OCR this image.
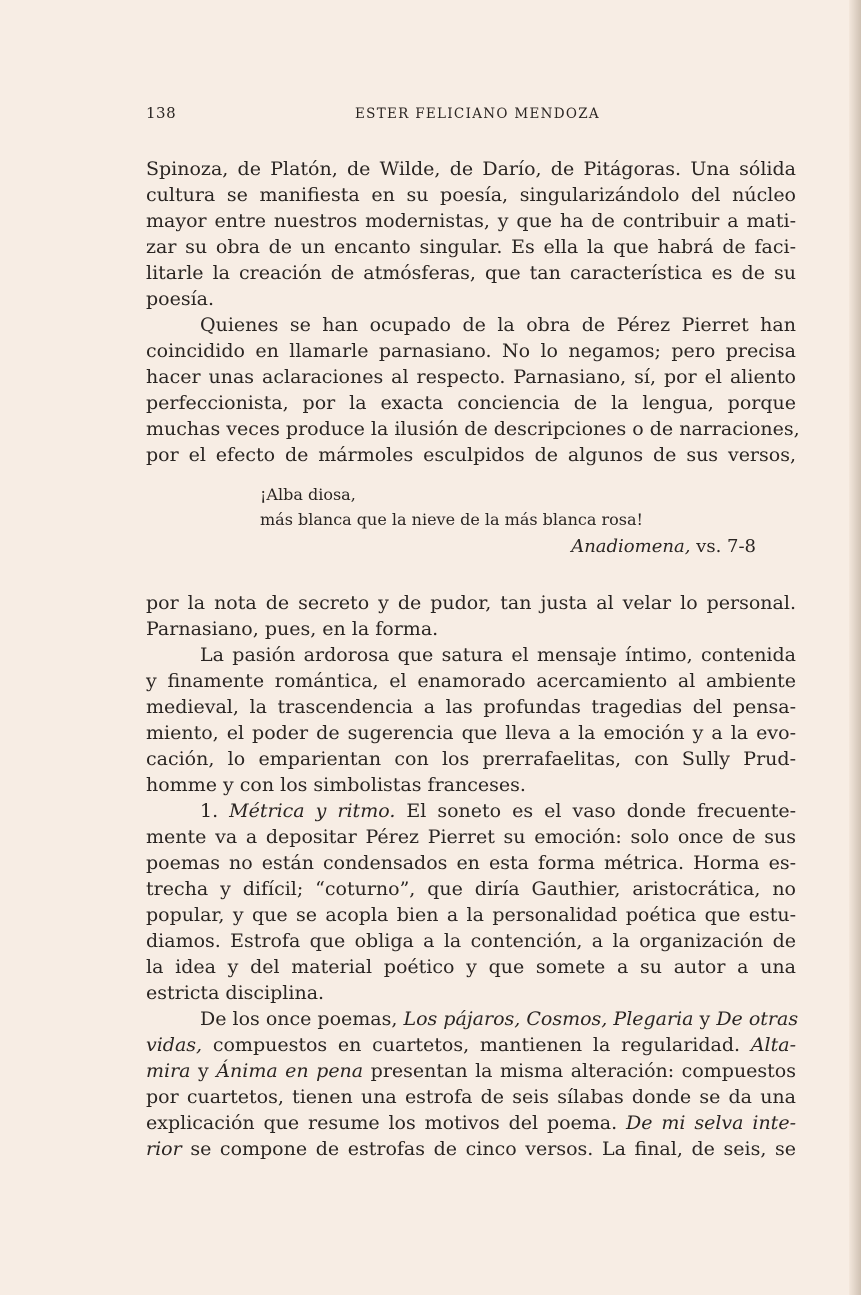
138	ESTER FELICIANO MENDOZA
Spinoza, de Platón, de Wilde, de Darío, de Pitágoras. Una sólida
cultura se manifiesta en su poesía, singularizándolo del núcleo
mayor entre nuestros modernistas, y que ha de contribuir a mati-
zar su obra de un encanto singular. Es ella la que habrá de faci-
litarle la creación de atmósferas, que tan característica es de su
poesía.
Quienes se han ocupado de la obra de Pérez Pierret han
coincidido en llamarle parnasiano. No lo negamos; pero precisa
hacer unas aclaraciones al respecto. Parnasiano, sí, por el aliento
perfeccionista, por la exacta conciencia de la lengua, porque
muchas veces produce la ilusión de descripciones o de narraciones,
por el efecto de mármoles esculpidos de algunos de sus versos,
¡Alba diosa,
más blanca que la nieve de la más blanca rosa!
Anadiomena, vs. 7-8
por la nota de secreto y de pudor, tan justa al velar lo personal.
Parnasiano, pues, en la forma.
La pasión ardorosa que satura el mensaje íntimo, contenida
y finamente romántica, el enamorado acercamiento al ambiente
medieval, la trascendencia a las profundas tragedias del pensa-
miento, el poder de sugerencia que lleva a la emoción y a la evo-
cación, lo emparientan con los prerrafaelitas, con Sully Prud-
homme y con los simbolistas franceses.
1. Métrica y ritmo. El soneto es el vaso donde frecuente-
mente va a depositar Pérez Pierret su emoción: solo once de sus
poemas no están condensados en esta forma métrica. Horma es-
trecha y difícil; “coturno”, que diría Gauthier, aristocrática, no
popular, y que se acopla bien a la personalidad poética que estu-
diamos. Estrofa que obliga a la contención, a la organización de
la idea y del material poético y que somete a su autor a una
estricta disciplina.
De los once poemas, Los pájaros, Cosmos, Plegaria y De otras
vidas, compuestos en cuartetos, mantienen la regularidad. Alta-
mira y Ánima en pena presentan la misma alteración: compuestos
por cuartetos, tienen una estrofa de seis sílabas donde se da una
explicación que resume los motivos del poema. De mi selva inte-
rior se compone de estrofas de cinco versos. La final, de seis, se
